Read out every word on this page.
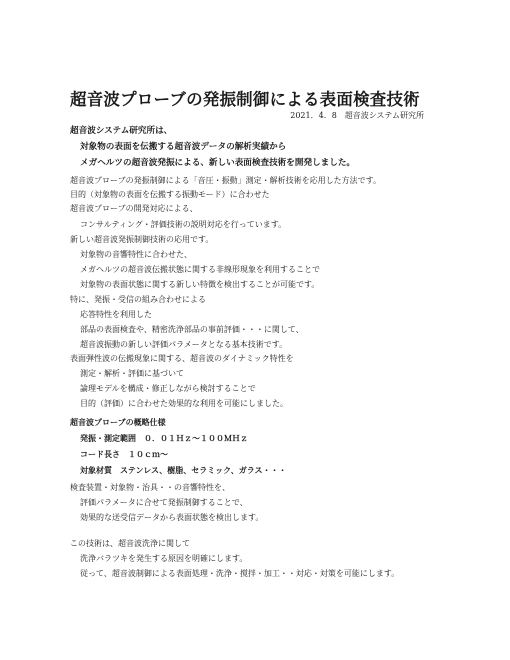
超音波プローブの発振制御による表面検査技術
2021．4．8　超音波システム研究所
超音波システム研究所は、
対象物の表面を伝搬する超音波データの解析実績から
メガヘルツの超音波発振による、新しい表面検査技術を開発しました。
超音波プローブの発振制御による「音圧・振動」測定・解析技術を応用した方法です。
目的（対象物の表面を伝搬する振動モード）に合わせた
超音波プローブの開発対応による、
コンサルティング・評価技術の説明対応を行っています。
新しい超音波発振制御技術の応用です。
対象物の音響特性に合わせた、
メガヘルツの超音波伝搬状態に関する非線形現象を利用することで
対象物の表面状態に関する新しい特徴を検出することが可能です。
特に、発振・受信の組み合わせによる
応答特性を利用した
部品の表面検査や、精密洗浄部品の事前評価・・・に関して、
超音波振動の新しい評価パラメータとなる基本技術です。
表面弾性波の伝搬現象に関する、超音波のダイナミック特性を
測定・解析・評価に基づいて
論理モデルを構成・修正しながら検討することで
目的（評価）に合わせた効果的な利用を可能にしました。
超音波プローブの概略仕様
発振・測定範囲　０．０１Ｈｚ～１００ＭＨｚ
コード長さ　１０ｃｍ～
対象材質　ステンレス、樹脂、セラミック、ガラス・・・
検査装置・対象物・治具・・の音響特性を、
評価パラメータに合せて発振制御することで、
効果的な送受信データから表面状態を検出します。
この技術は、超音波洗浄に関して
洗浄バラツキを発生する原因を明確にします。
従って、超音波制御による表面処理・洗浄・撹拌・加工・・対応・対策を可能にします。
